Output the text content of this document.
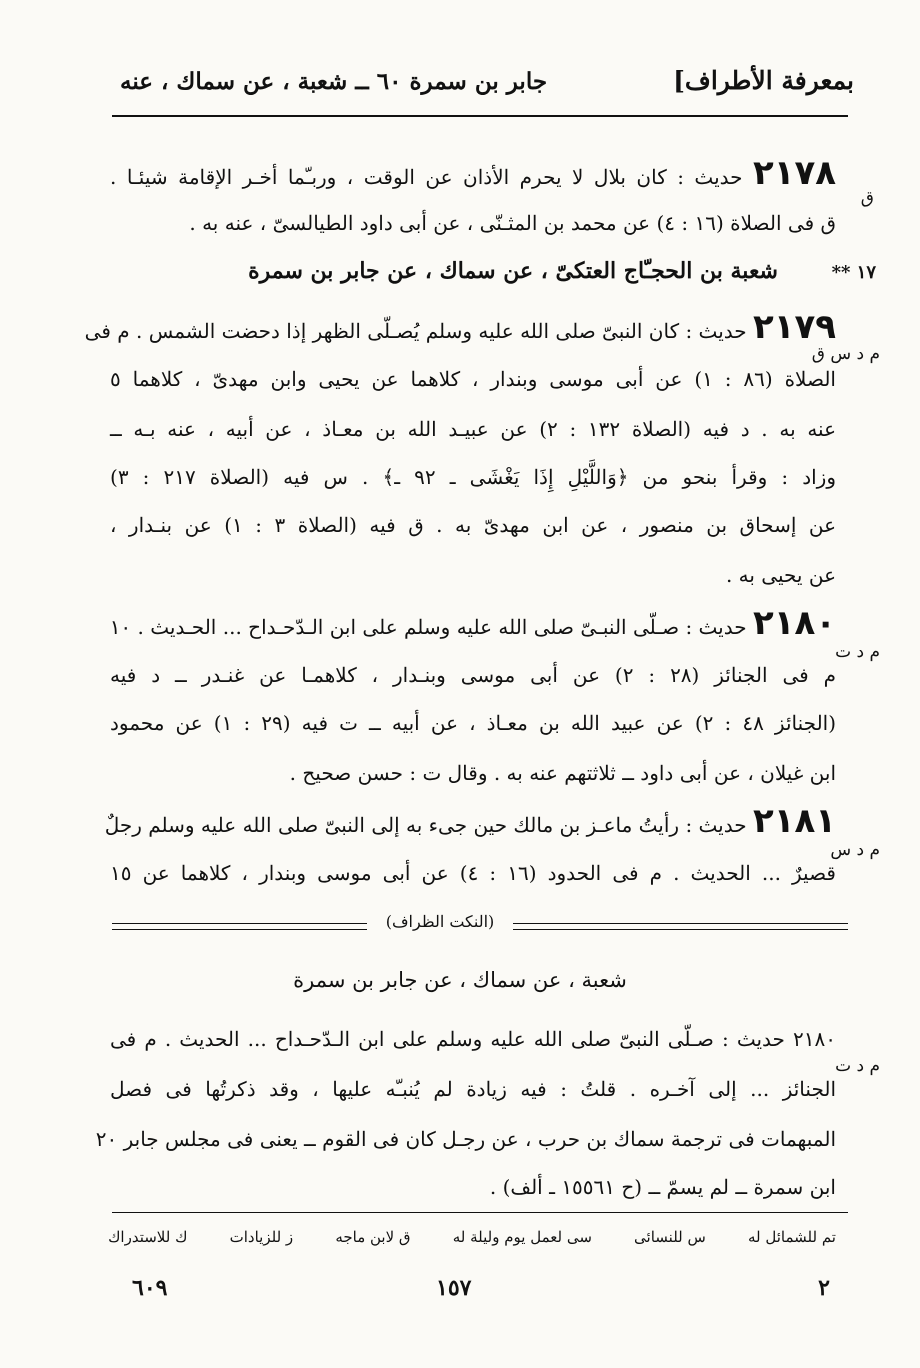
بمعرفة الأطراف]
جابر بن سمرة ٦٠ ــ شعبة ، عن سماك ، عنه
٢١٧٨ حديث : كان بلال لا يحرم الأذان عن الوقت ، وربـّما أخـر الإقامة شيئـا .
ق
ق فى الصلاة (١٦ : ٤) عن محمد بن المثـنّى ، عن أبى داود الطيالسىّ ، عنه به .
١٧ **
شعبة بن الحجـّاج العتكىّ ، عن سماك ، عن جابر بن سمرة
٢١٧٩ حديث : كان النبىّ صلى الله عليه وسلم يُصـلّى الظهر إذا دحضت الشمس . م فى
م د س ق
الصلاة (٨٦ : ١) عن أبى موسى وبندار ، كلاهما عن يحيى وابن مهدىّ ، كلاهما ٥
عنه به . د فيه (الصلاة ١٣٢ : ٢) عن عبيـد الله بن معـاذ ، عن أبيه ، عنه بـه ــ
وزاد : وقرأ بنحو من ﴿وَاللَّيْلِ إِذَا يَغْشَى ـ ٩٢ ـ﴾ . س فيه (الصلاة ٢١٧ : ٣)
عن إسحاق بن منصور ، عن ابن مهدىّ به . ق فيه (الصلاة ٣ : ١) عن بنـدار ،
عن يحيى به .
٢١٨٠ حديث : صـلّى النبـىّ صلى الله عليه وسلم على ابن الـدّحـداح ... الحـديث . ١٠
م د ت
م فى الجنائز (٢٨ : ٢) عن أبى موسى وبنـدار ، كلاهمـا عن غنـدر ــ د فيه
(الجنائز ٤٨ : ٢) عن عبيد الله بن معـاذ ، عن أبيه ــ ت فيه (٢٩ : ١) عن محمود
ابن غيلان ، عن أبى داود ــ ثلاثتهم عنه به . وقال ت : حسن صحيح .
٢١٨١ حديث : رأيتُ ماعـز بن مالك حين جىء به إلى النبىّ صلى الله عليه وسلم رجلٌ
م د س
قصيرٌ ... الحديث . م فى الحدود (١٦ : ٤) عن أبى موسى وبندار ، كلاهما عن ١٥
(النكت الظراف)
شعبة ، عن سماك ، عن جابر بن سمرة
٢١٨٠ حديث : صـلّى النبىّ صلى الله عليه وسلم على ابن الـدّحـداح ... الحديث . م فى
م د ت
الجنائز ... إلى آخـره . قلتُ : فيه زيادة لم يُنبـّه عليها ، وقد ذكرتُها فى فصل
المبهمات فى ترجمة سماك بن حرب ، عن رجـل كان فى القوم ــ يعنى فى مجلس جابر ٢٠
ابن سمرة ــ لم يسمّ ــ (ح ١٥٥٦١ ـ ألف) .
تم للشمائل له
س للنسائى
سى لعمل يوم وليلة له
ق لابن ماجه
ز للزيادات
ك للاستدراك
٢
١٥٧
٦٠٩
